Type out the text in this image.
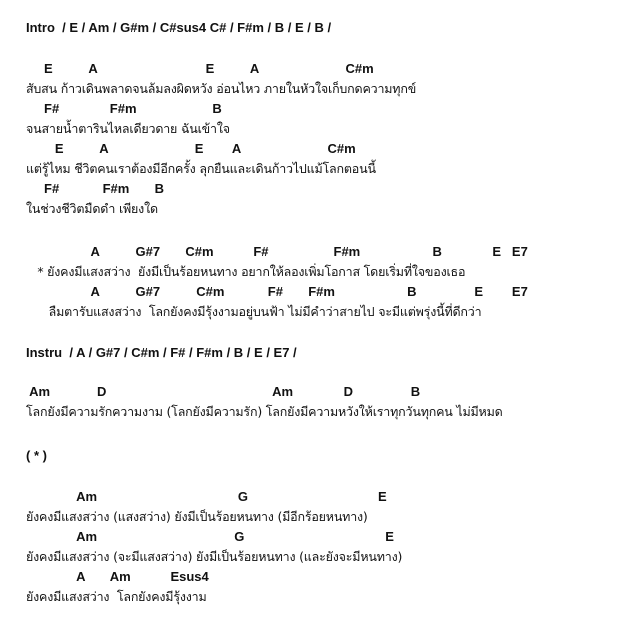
Intro  / E / Am / G#m / C#sus4 C# / F#m / B / E / B /
E          A                              E          A                        C#m
สับสน ก้าวเดินพลาดจนล้มลงผิดหวัง อ่อนไหว ภายในหัวใจเก็บกดความทุกข์
F#              F#m                     B
จนสายน้ำตารินไหลเดียวดาย ฉันเข้าใจ
E          A                        E        A                        C#m
แต่รู้ไหม ชีวิตคนเราต้องมีอีกครั้ง ลุกยืนและเดินก้าวไปแม้โลกตอนนี้
F#            F#m       B
ในช่วงชีวิตมืดดำ เพียงใด
A          G#7       C#m           F#                  F#m                    B              E   E7
* ยังคงมีแสงสว่าง  ยังมีเป็นร้อยหนทาง อยากให้ลองเพิ่มโอกาส โดยเริ่มที่ใจของเธอ
A          G#7          C#m            F#       F#m                    B                E        E7
ลืมตารับแสงสว่าง  โลกยังคงมีรุ้งงามอยู่บนฟ้า ไม่มีคำว่าสายไป จะมีแต่พรุ่งนี้ที่ดีกว่า
Instru  / A / G#7 / C#m / F# / F#m / B / E / E7 /
Am             D                                              Am              D                B
โลกยังมีความรักความงาม (โลกยังมีความรัก) โลกยังมีความหวังให้เราทุกวันทุกคน ไม่มีหมด
( * )
Am                                       G                                    E
ยังคงมีแสงสว่าง (แสงสว่าง) ยังมีเป็นร้อยหนทาง (มีอีกร้อยหนทาง)
Am                                      G                                       E
ยังคงมีแสงสว่าง (จะมีแสงสว่าง) ยังมีเป็นร้อยหนทาง (และยังจะมีหนทาง)
A       Am           Esus4
ยังคงมีแสงสว่าง  โลกยังคงมีรุ้งงาม
